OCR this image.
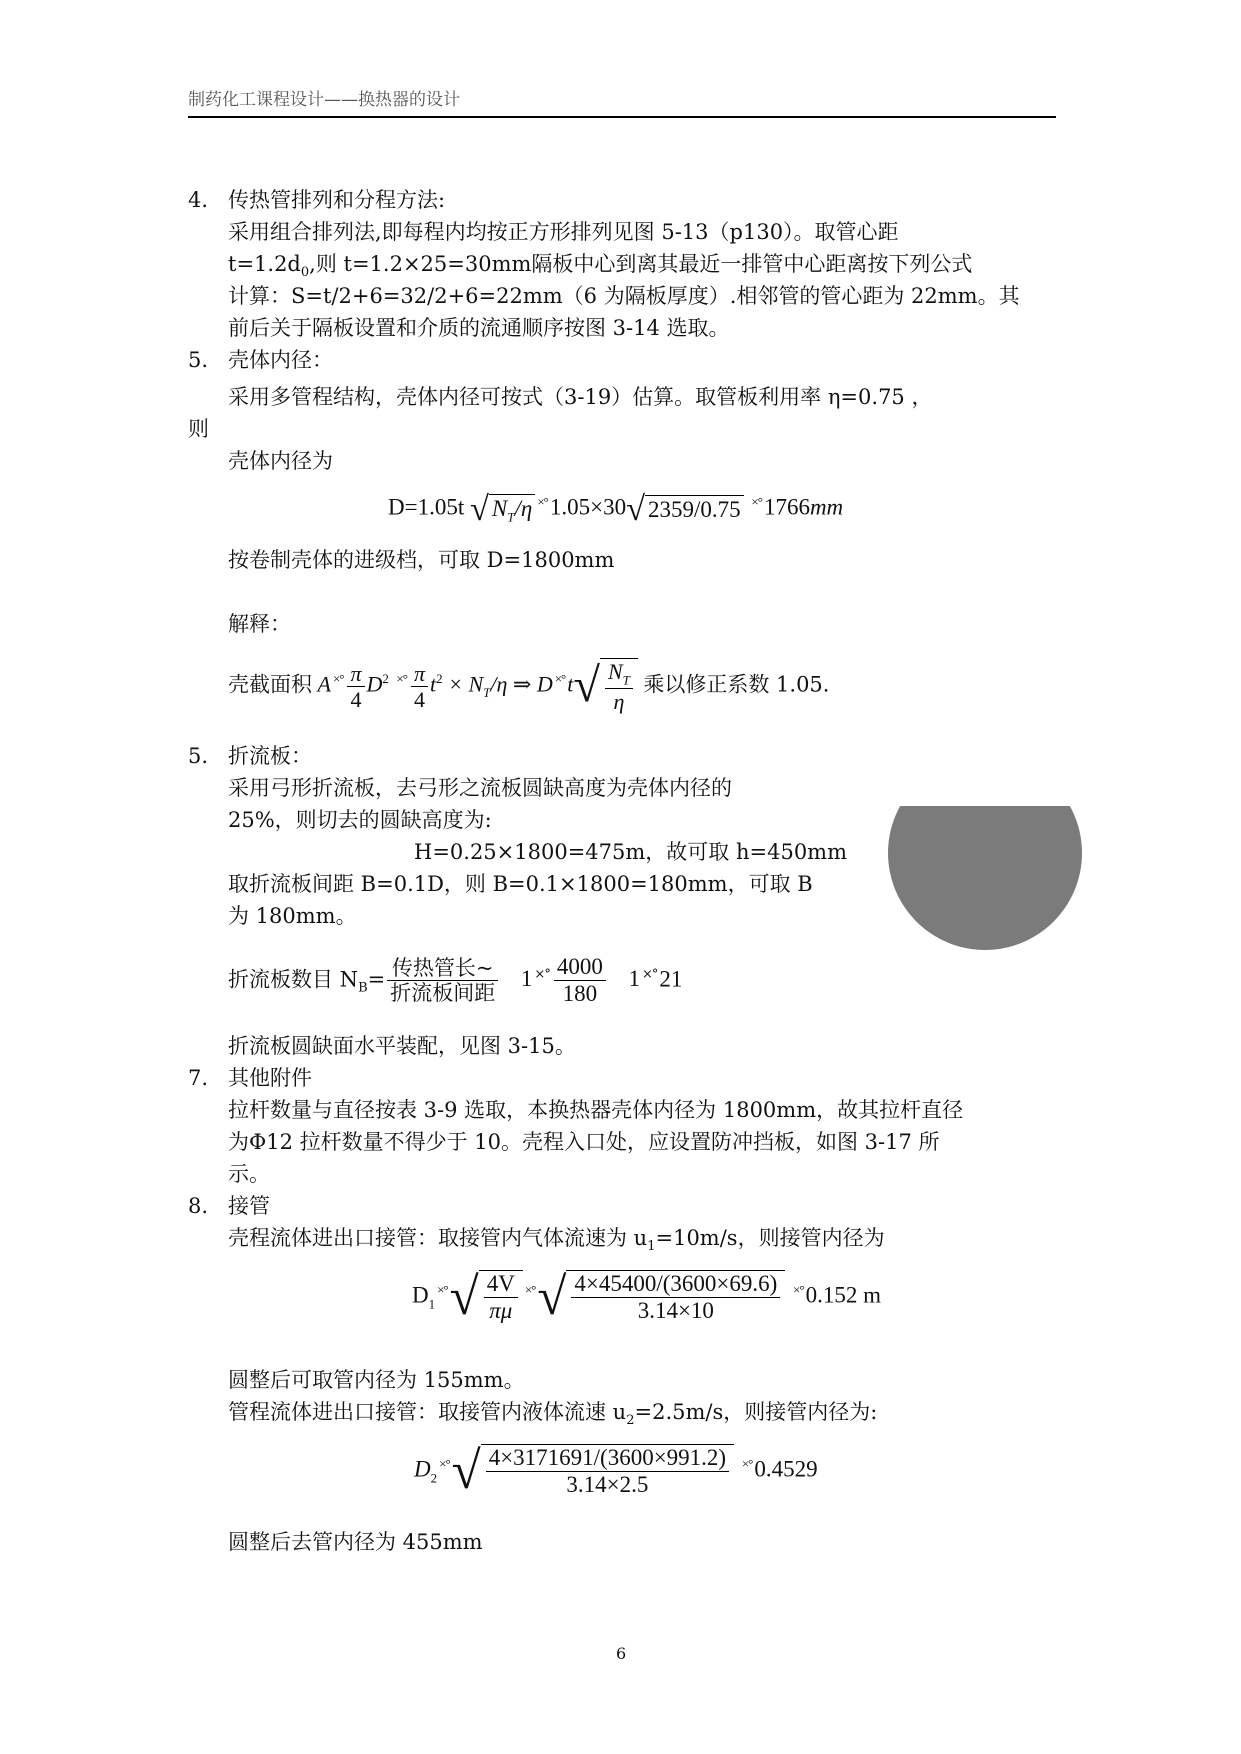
制药化工课程设计——换热器的设计
4. 传热管排列和分程方法:
采用组合排列法,即每程内均按正方形排列见图 5-13（p130）。取管心距
$t=1.2d_0$,则 t=1.2×25=30mm隔板中心到离其最近一排管中心距离按下列公式
计算：S=t/2+6=32/2+6=22mm（6 为隔板厚度）.相邻管的管心距为 22mm。其
前后关于隔板设置和介质的流通顺序按图 3-14 选取。
5. 壳体内径：
采用多管程结构，壳体内径可按式（3-19）估算。取管板利用率 η=0.75 ，
则
壳体内径为
D=1.05t √ $N_T/\eta$ ×°1.05×30√ 2359/0.75 ×°1766mm
按卷制壳体的进级档，可取 D=1800mm
解释：
壳截面积 A $^{\times^\circ} \frac{\pi}{4} D^2$ $^{\times^\circ} \frac{\pi}{4} t^2 \times N_T/\eta$ ⇒ D $^{\times^\circ}t√ \frac{N_T}{\eta}$ 乘以修正系数 1.05.
5. 折流板：
采用弓形折流板，去弓形之流板圆缺高度为壳体内径的
25%，则切去的圆缺高度为:
H=0.25×1800=475m，故可取 h=450mm
取折流板间距 B=0.1D，则 B=0.1×1800=180mm，可取 B
为 180mm。
折流板数目 $N_B= \frac{\text{传热管长\textasciitilde{}}}{\text{折流板间距}} 1$ $^{\times^\circ} \frac{4000}{180} 1$ ×°21
折流板圆缺面水平装配，见图 3-15。
7. 其他附件
拉杆数量与直径按表 3-9 选取，本换热器壳体内径为 1800mm，故其拉杆直径
为Φ12 拉杆数量不得少于 10。壳程入口处，应设置防冲挡板，如图 3-17 所
示。
8. 接管
壳程流体进出口接管：取接管内气体流速为 $u_1=10m/s$，则接管内径为
$D_1^{\times^\circ}√ \frac{4V}{\pi\mu} ^{\times^\circ}√ \frac{4\times 45400/(3600\times 69.6)}{3.14\times 10} ^{\times^\circ}0.152$ m
圆整后可取管内径为 155mm。
管程流体进出口接管：取接管内液体流速 $u_2=2.5m/s$，则接管内径为:
$D_2^{\times^\circ}√ \frac{4\times 3171691/(3600\times 991.2)}{3.14\times 2.5} ^{\times^\circ}0.4529$
圆整后去管内径为 455mm
6
